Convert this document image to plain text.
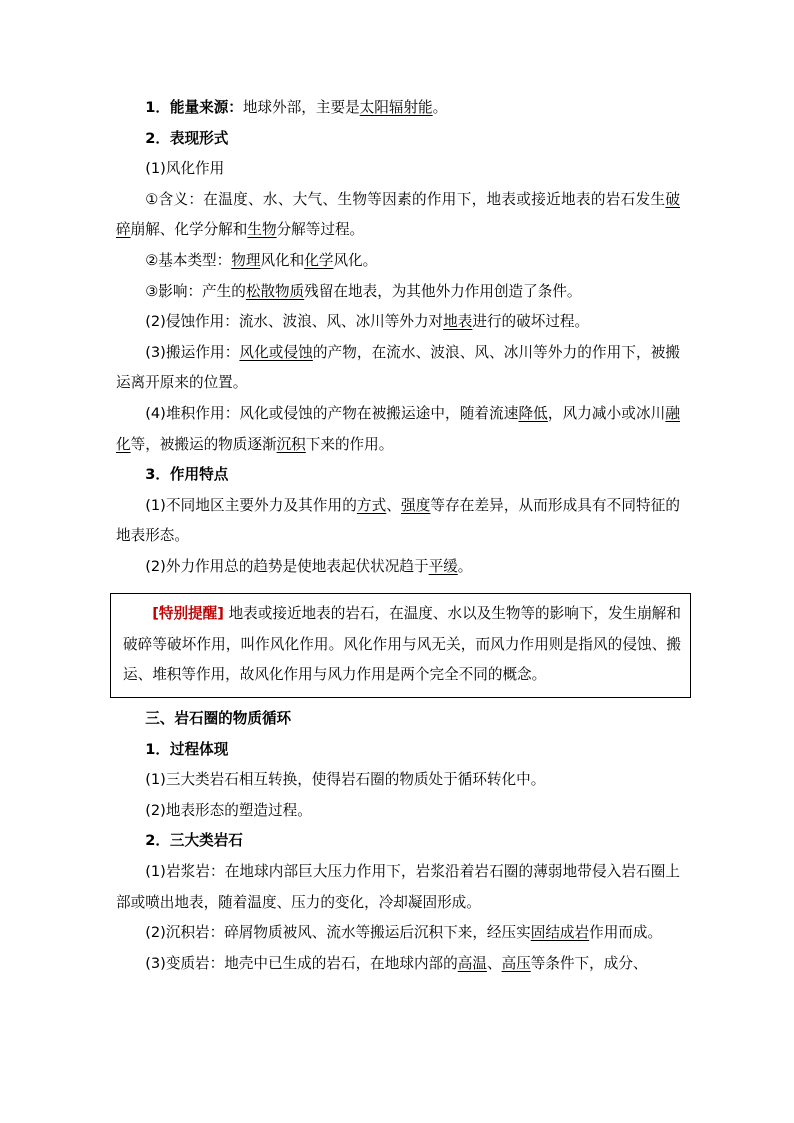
1．能量来源：地球外部，主要是太阳辐射能。

2．表现形式

(1)风化作用

①含义：在温度、水、大气、生物等因素的作用下，地表或接近地表的岩石发生破碎崩解、化学分解和生物分解等过程。

②基本类型：物理风化和化学风化。

③影响：产生的松散物质残留在地表，为其他外力作用创造了条件。

(2)侵蚀作用：流水、波浪、风、冰川等外力对地表进行的破坏过程。

(3)搬运作用：风化或侵蚀的产物，在流水、波浪、风、冰川等外力的作用下，被搬运离开原来的位置。

(4)堆积作用：风化或侵蚀的产物在被搬运途中，随着流速降低，风力减小或冰川融化等，被搬运的物质逐渐沉积下来的作用。

3．作用特点

(1)不同地区主要外力及其作用的方式、强度等存在差异，从而形成具有不同特征的地表形态。

(2)外力作用总的趋势是使地表起伏状况趋于平缓。

[特别提醒] 地表或接近地表的岩石，在温度、水以及生物等的影响下，发生崩解和破碎等破坏作用，叫作风化作用。风化作用与风无关，而风力作用则是指风的侵蚀、搬运、堆积等作用，故风化作用与风力作用是两个完全不同的概念。

三、岩石圈的物质循环

1．过程体现

(1)三大类岩石相互转换，使得岩石圈的物质处于循环转化中。

(2)地表形态的塑造过程。

2．三大类岩石

(1)岩浆岩：在地球内部巨大压力作用下，岩浆沿着岩石圈的薄弱地带侵入岩石圈上部或喷出地表，随着温度、压力的变化，冷却凝固形成。

(2)沉积岩：碎屑物质被风、流水等搬运后沉积下来，经压实固结成岩作用而成。

(3)变质岩：地壳中已生成的岩石，在地球内部的高温、高压等条件下，成分、
